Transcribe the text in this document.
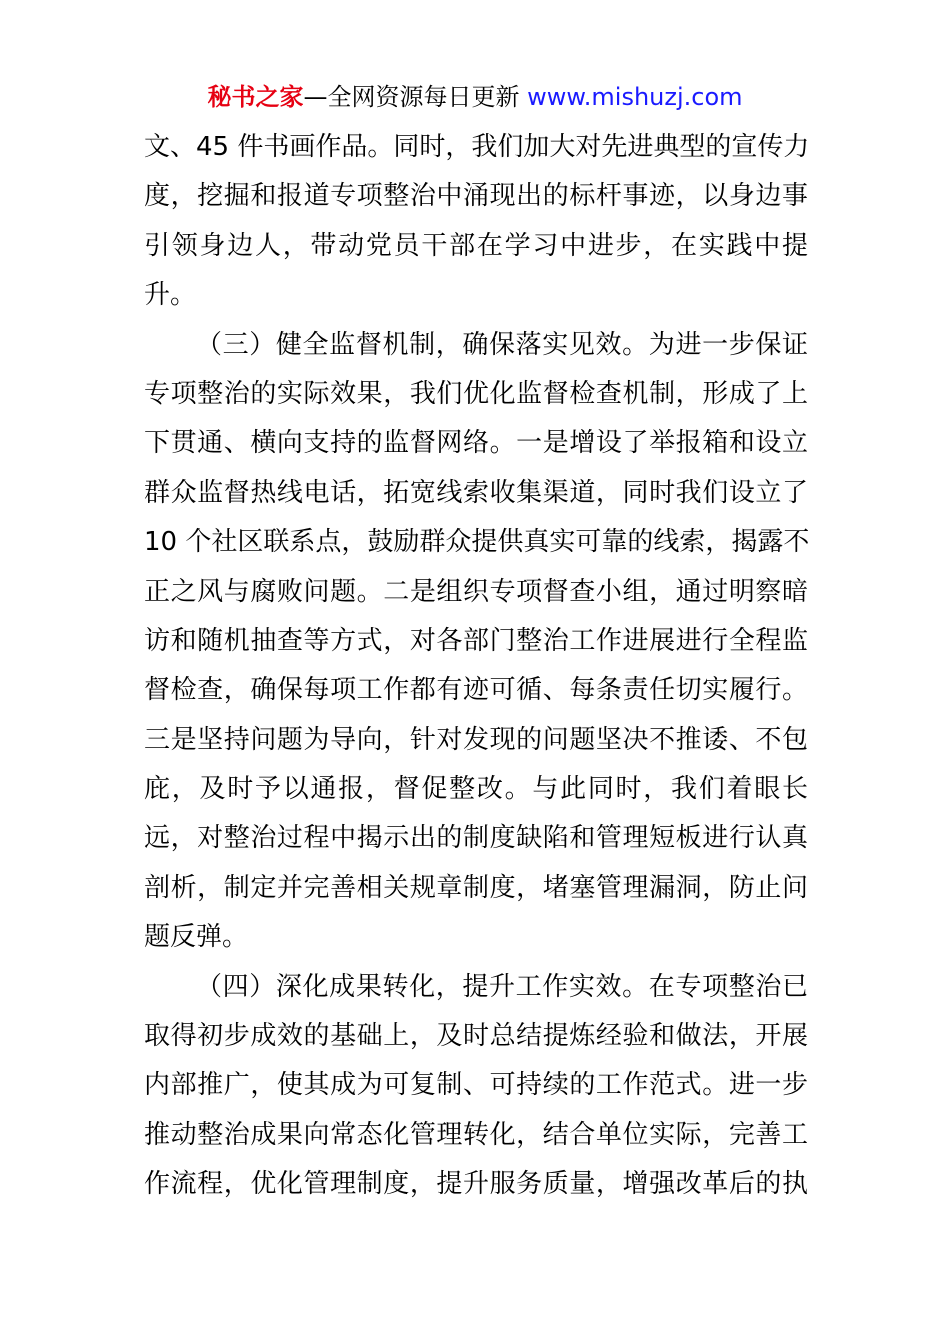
秘书之家—全网资源每日更新 www.mishuzj.com
文、45 件书画作品。同时，我们加大对先进典型的宣传力
度，挖掘和报道专项整治中涌现出的标杆事迹，以身边事
引领身边人，带动党员干部在学习中进步，在实践中提
升。
（三）健全监督机制，确保落实见效。为进一步保证
专项整治的实际效果，我们优化监督检查机制，形成了上
下贯通、横向支持的监督网络。一是增设了举报箱和设立
群众监督热线电话，拓宽线索收集渠道，同时我们设立了
10 个社区联系点，鼓励群众提供真实可靠的线索，揭露不
正之风与腐败问题。二是组织专项督查小组，通过明察暗
访和随机抽查等方式，对各部门整治工作进展进行全程监
督检查，确保每项工作都有迹可循、每条责任切实履行。
三是坚持问题为导向，针对发现的问题坚决不推诿、不包
庇，及时予以通报，督促整改。与此同时，我们着眼长
远，对整治过程中揭示出的制度缺陷和管理短板进行认真
剖析，制定并完善相关规章制度，堵塞管理漏洞，防止问
题反弹。
（四）深化成果转化，提升工作实效。在专项整治已
取得初步成效的基础上，及时总结提炼经验和做法，开展
内部推广，使其成为可复制、可持续的工作范式。进一步
推动整治成果向常态化管理转化，结合单位实际，完善工
作流程，优化管理制度，提升服务质量，增强改革后的执
